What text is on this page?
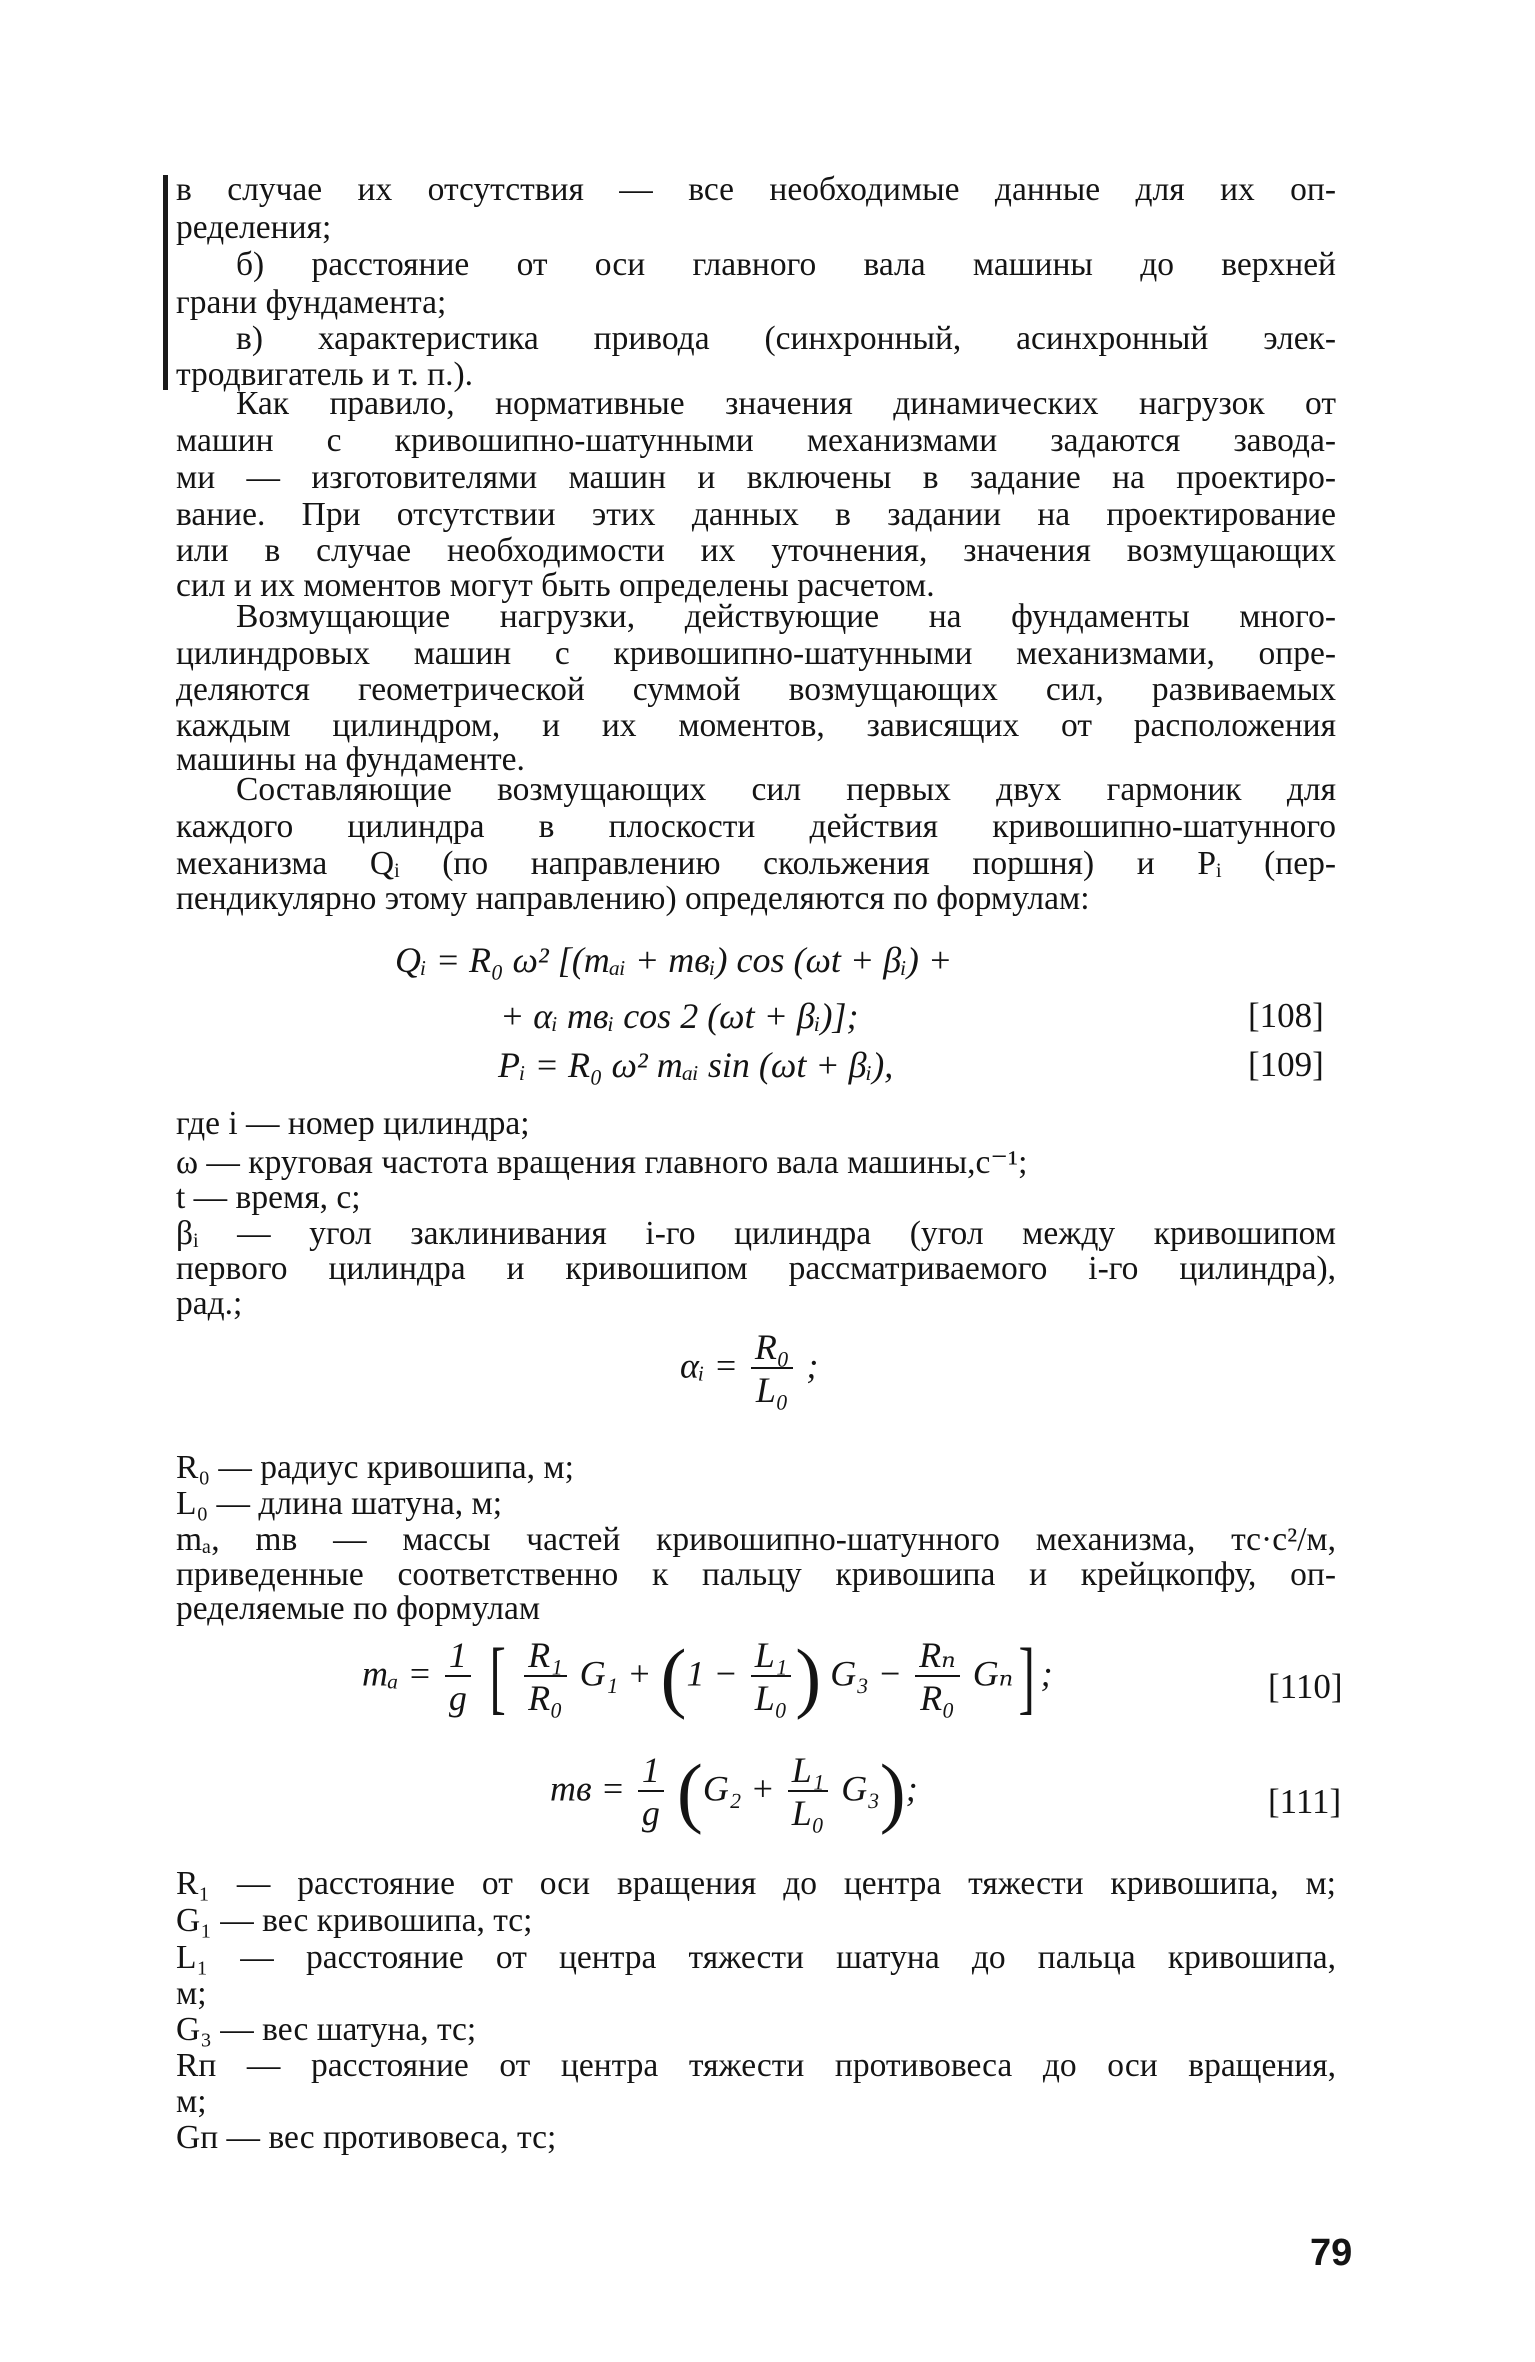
в случае их отсутствия — все необходимые данные для их оп-
ределения;
б) расстояние от оси главного вала машины до верхней
грани фундамента;
в) характеристика привода (синхронный, асинхронный элек-
тродвигатель и т. п.).
Как правило, нормативные значения динамических нагрузок от
машин с кривошипно-шатунными механизмами задаются завода-
ми — изготовителями машин и включены в задание на проектиро-
вание. При отсутствии этих данных в задании на проектирование
или в случае необходимости их уточнения, значения возмущающих
сил и их моментов могут быть определены расчетом.
Возмущающие нагрузки, действующие на фундаменты много-
цилиндровых машин с кривошипно-шатунными механизмами, опре-
деляются геометрической суммой возмущающих сил, развиваемых
каждым цилиндром, и их моментов, зависящих от расположения
машины на фундаменте.
Составляющие возмущающих сил первых двух гармоник для
каждого цилиндра в плоскости действия кривошипно-шатунного
механизма Qᵢ (по направлению скольжения поршня) и Pᵢ (пер-
пендикулярно этому направлению) определяются по формулам:
Qᵢ = R₀ ω² [(mₐᵢ + mвᵢ) cos (ωt + βᵢ) +
+ αᵢ mвᵢ cos 2 (ωt + βᵢ)];	[108]
Pᵢ = R₀ ω² mₐᵢ sin (ωt + βᵢ),	[109]
где i — номер цилиндра;
ω — круговая частота вращения главного вала машины,с⁻¹;
t — время, с;
βᵢ — угол заклинивания i-го цилиндра (угол между кривошипом
первого цилиндра и кривошипом рассматриваемого i-го цилиндра),
рад.;
αᵢ = $\frac{\text{R₀}}{\text{L₀}}$ ;
R₀ — радиус кривошипа, м;
L₀ — длина шатуна, м;
mₐ, mв — массы частей кривошипно-шатунного механизма, тс·с²/м,
приведенные соответственно к пальцу кривошипа и крейцкопфу, оп-
ределяемые по формулам
$m_a = \frac{1}{g}$ [ $\frac{\text{R₁}}{\text{R₀}} G_1 + (1 - \frac{\text{L₁}}{\text{L₀}}$ ) $G_3 - \frac{\text{Rₙ}}{\text{R₀}} G_n$] ;	[110]
mв = $\frac{1}{g} (G_2 + \frac{\text{L₁}}{\text{L₀}} G_3)$;	[111]
R₁ — расстояние от оси вращения до центра тяжести кривошипа, м;
G₁ — вес кривошипа, тс;
L₁ — расстояние от центра тяжести шатуна до пальца кривошипа,
м;
G₃ — вес шатуна, тс;
Rп — расстояние от центра тяжести противовеса до оси вращения,
м;
Gп — вес противовеса, тс;
79
